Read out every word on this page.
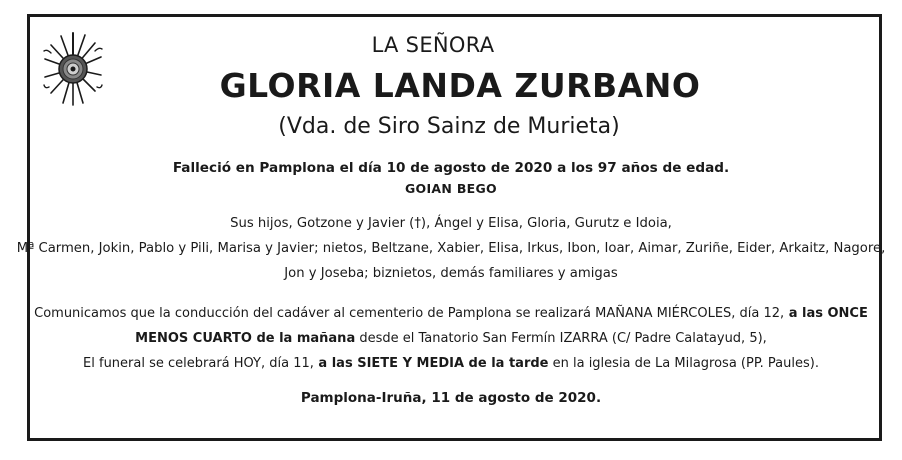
LA SEÑORA
GLORIA LANDA ZURBANO
(Vda. de Siro Sainz de Murieta)
Falleció en Pamplona el día 10 de agosto de 2020 a los 97 años de edad.
GOIAN BEGO
Sus hijos, Gotzone y Javier (†), Ángel y Elisa, Gloria, Gurutz e Idoia,
Mª Carmen, Jokin, Pablo y Pili, Marisa y Javier; nietos, Beltzane, Xabier, Elisa, Irkus, Ibon, Ioar, Aimar, Zuriñe, Eider, Arkaitz, Nagore,
Jon y Joseba; biznietos, demás familiares y amigas
Comunicamos que la conducción del cadáver al cementerio de Pamplona se realizará MAÑANA MIÉRCOLES, día 12, a las ONCE
MENOS CUARTO de la mañana desde el Tanatorio San Fermín IZARRA (C/ Padre Calatayud, 5),
El funeral se celebrará HOY, día 11, a las SIETE Y MEDIA de la tarde en la iglesia de La Milagrosa (PP. Paules).
Pamplona-Iruña, 11 de agosto de 2020.
